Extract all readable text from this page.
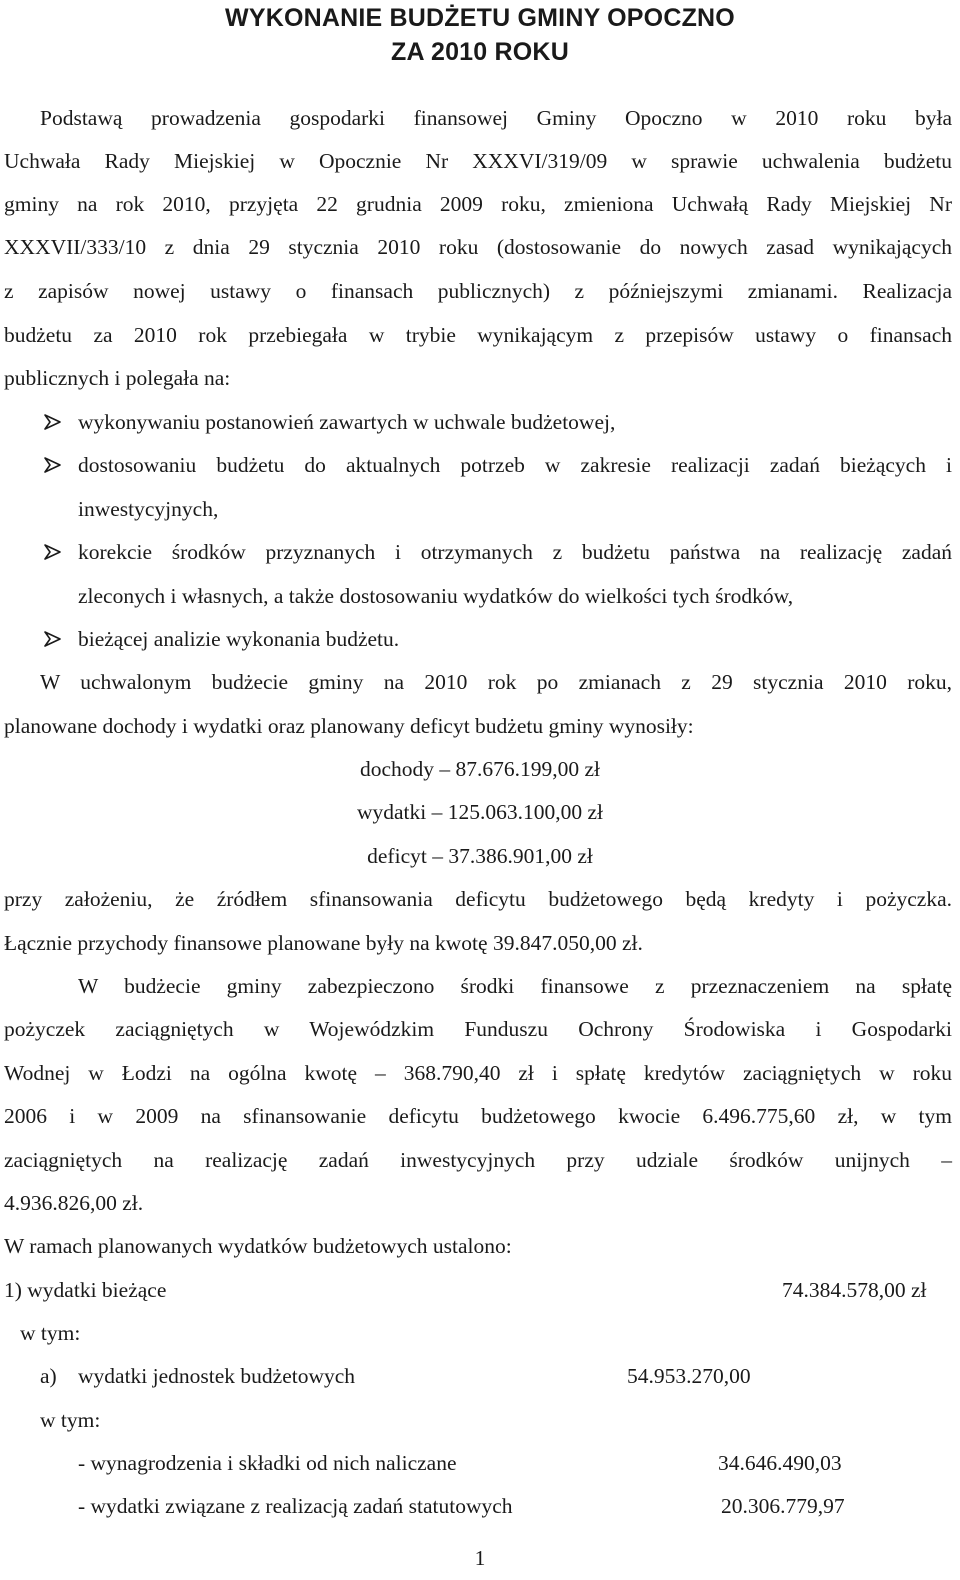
WYKONANIE BUDŻETU GMINY OPOCZNO
ZA 2010 ROKU
Podstawą prowadzenia gospodarki finansowej Gminy Opoczno w 2010 roku była
Uchwała Rady Miejskiej w Opocznie Nr XXXVI/319/09 w sprawie uchwalenia budżetu
gminy na rok 2010, przyjęta 22 grudnia 2009 roku, zmieniona Uchwałą Rady Miejskiej Nr
XXXVII/333/10 z dnia 29 stycznia 2010 roku (dostosowanie do nowych zasad wynikających
z zapisów nowej ustawy o finansach publicznych) z późniejszymi zmianami. Realizacja
budżetu za 2010 rok przebiegała w trybie wynikającym z przepisów ustawy o finansach
publicznych i polegała na:
wykonywaniu postanowień zawartych w uchwale budżetowej,
dostosowaniu budżetu do aktualnych potrzeb w zakresie realizacji zadań bieżących i
inwestycyjnych,
korekcie środków przyznanych i otrzymanych z budżetu państwa na realizację zadań
zleconych i własnych, a także dostosowaniu wydatków do wielkości tych środków,
bieżącej analizie wykonania budżetu.
W uchwalonym budżecie gminy na 2010 rok po zmianach z 29 stycznia 2010 roku,
planowane dochody i wydatki oraz planowany deficyt budżetu gminy wynosiły:
dochody – 87.676.199,00 zł
wydatki – 125.063.100,00 zł
deficyt – 37.386.901,00 zł
przy założeniu, że źródłem sfinansowania deficytu budżetowego będą kredyty i pożyczka.
Łącznie przychody finansowe planowane były na kwotę 39.847.050,00 zł.
W budżecie gminy zabezpieczono środki finansowe z przeznaczeniem na spłatę
pożyczek zaciągniętych w Wojewódzkim Funduszu Ochrony Środowiska i Gospodarki
Wodnej w Łodzi na ogólna kwotę – 368.790,40 zł i spłatę kredytów zaciągniętych w roku
2006 i w 2009 na sfinansowanie deficytu budżetowego kwocie 6.496.775,60 zł, w tym
zaciągniętych na realizację zadań inwestycyjnych przy udziale środków unijnych –
4.936.826,00 zł.
W ramach planowanych wydatków budżetowych ustalono:
1) wydatki bieżące	74.384.578,00 zł
w tym:
a) wydatki jednostek budżetowych	54.953.270,00
w tym:
- wynagrodzenia i składki od nich naliczane	34.646.490,03
- wydatki związane z realizacją zadań statutowych	20.306.779,97
1
